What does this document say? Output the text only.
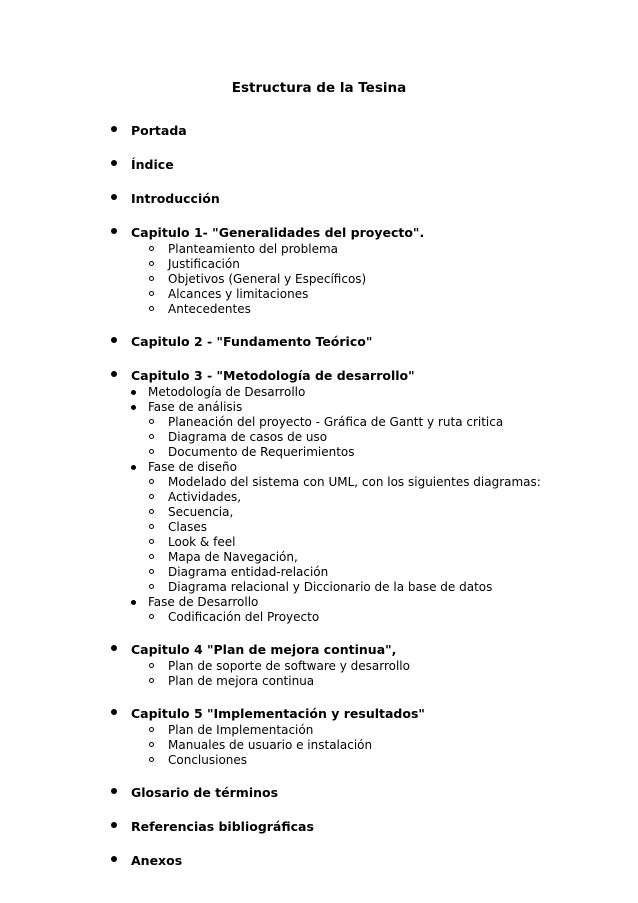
Estructura de la Tesina
Portada
Índice
Introducción
Capitulo 1- "Generalidades del proyecto".
Planteamiento del problema
Justificación
Objetivos (General y Específicos)
Alcances y limitaciones
Antecedentes
Capitulo 2 - "Fundamento Teórico"
Capitulo 3 - "Metodología de desarrollo"
Metodología de Desarrollo
Fase de análisis
Planeación del proyecto - Gráfica de Gantt y ruta critica
Diagrama de casos de uso
Documento de Requerimientos
Fase de diseño
Modelado del sistema con UML, con los siguientes diagramas:
Actividades,
Secuencia,
Clases
Look & feel
Mapa de Navegación,
Diagrama entidad-relación
Diagrama relacional y Diccionario de la base de datos
Fase de Desarrollo
Codificación del Proyecto
Capitulo 4 "Plan de mejora continua",
Plan de soporte de software y desarrollo
Plan de mejora continua
Capitulo 5 "Implementación y resultados"
Plan de Implementación
Manuales de usuario e instalación
Conclusiones
Glosario de términos
Referencias bibliográficas
Anexos
